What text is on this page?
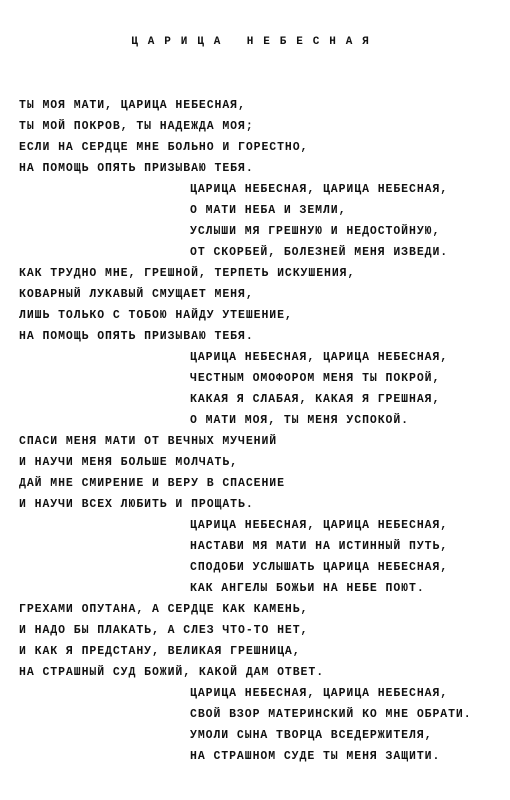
ЦАРИЦА НЕБЕСНАЯ
ТЫ МОЯ МАТИ, ЦАРИЦА НЕБЕСНАЯ,
ТЫ МОЙ ПОКРОВ, ТЫ НАДЕЖДА МОЯ;
ЕСЛИ НА СЕРДЦЕ МНЕ БОЛЬНО И ГОРЕСТНО,
НА ПОМОЩЬ ОПЯТЬ ПРИЗЫВАЮ ТЕБЯ.
ЦАРИЦА НЕБЕСНАЯ, ЦАРИЦА НЕБЕСНАЯ,
О МАТИ НЕБА И ЗЕМЛИ,
УСЛЫШИ МЯ ГРЕШНУЮ И НЕДОСТОЙНУЮ,
ОТ СКОРБЕЙ, БОЛЕЗНЕЙ МЕНЯ ИЗВЕДИ.
КАК ТРУДНО МНЕ, ГРЕШНОЙ, ТЕРПЕТЬ ИСКУШЕНИЯ,
КОВАРНЫЙ ЛУКАВЫЙ СМУЩАЕТ МЕНЯ,
ЛИШЬ ТОЛЬКО С ТОБОЮ НАЙДУ УТЕШЕНИЕ,
НА ПОМОЩЬ ОПЯТЬ ПРИЗЫВАЮ ТЕБЯ.
ЦАРИЦА НЕБЕСНАЯ, ЦАРИЦА НЕБЕСНАЯ,
ЧЕСТНЫМ ОМОФОРОМ МЕНЯ ТЫ ПОКРОЙ,
КАКАЯ Я СЛАБАЯ, КАКАЯ Я ГРЕШНАЯ,
О МАТИ МОЯ, ТЫ МЕНЯ УСПОКОЙ.
СПАСИ МЕНЯ МАТИ ОТ ВЕЧНЫХ МУЧЕНИЙ
И НАУЧИ МЕНЯ БОЛЬШЕ МОЛЧАТЬ,
ДАЙ МНЕ СМИРЕНИЕ И ВЕРУ В СПАСЕНИЕ
И НАУЧИ ВСЕХ ЛЮБИТЬ И ПРОЩАТЬ.
ЦАРИЦА НЕБЕСНАЯ, ЦАРИЦА НЕБЕСНАЯ,
НАСТАВИ МЯ МАТИ НА ИСТИННЫЙ ПУТЬ,
СПОДОБИ УСЛЫШАТЬ ЦАРИЦА НЕБЕСНАЯ,
КАК АНГЕЛЫ БОЖЬИ НА НЕБЕ ПОЮТ.
ГРЕХАМИ ОПУТАНА, А СЕРДЦЕ КАК КАМЕНЬ,
И НАДО БЫ ПЛАКАТЬ, А СЛЕЗ ЧТО-ТО НЕТ,
И КАК Я ПРЕДСТАНУ, ВЕЛИКАЯ ГРЕШНИЦА,
НА СТРАШНЫЙ СУД БОЖИЙ, КАКОЙ ДАМ ОТВЕТ.
ЦАРИЦА НЕБЕСНАЯ, ЦАРИЦА НЕБЕСНАЯ,
СВОЙ ВЗОР МАТЕРИНСКИЙ КО МНЕ ОБРАТИ.
УМОЛИ СЫНА ТВОРЦА ВСЕДЕРЖИТЕЛЯ,
НА СТРАШНОМ СУДЕ ТЫ МЕНЯ ЗАЩИТИ.
